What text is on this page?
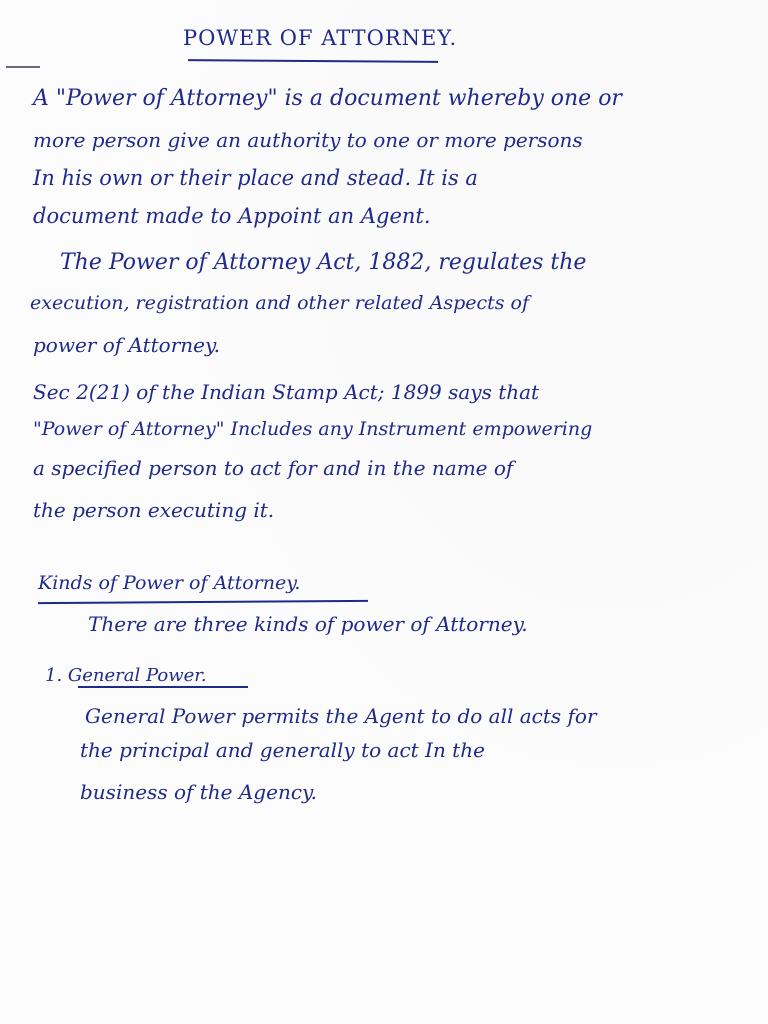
POWER OF ATTORNEY.
A "Power of Attorney" is a document whereby one or
more person give an authority to one or more persons
In his own or their place and stead. It is a
document made to Appoint an Agent.
The Power of Attorney Act, 1882, regulates the
execution, registration and other related Aspects of
power of Attorney.
Sec 2(21) of the Indian Stamp Act; 1899 says that
"Power of Attorney" Includes any Instrument empowering
a specified person to act for and in the name of
the person executing it.
Kinds of Power of Attorney.
There are three kinds of power of Attorney.
1. General Power.
General Power permits the Agent to do all acts for
the principal and generally to act In the
business of the Agency.
